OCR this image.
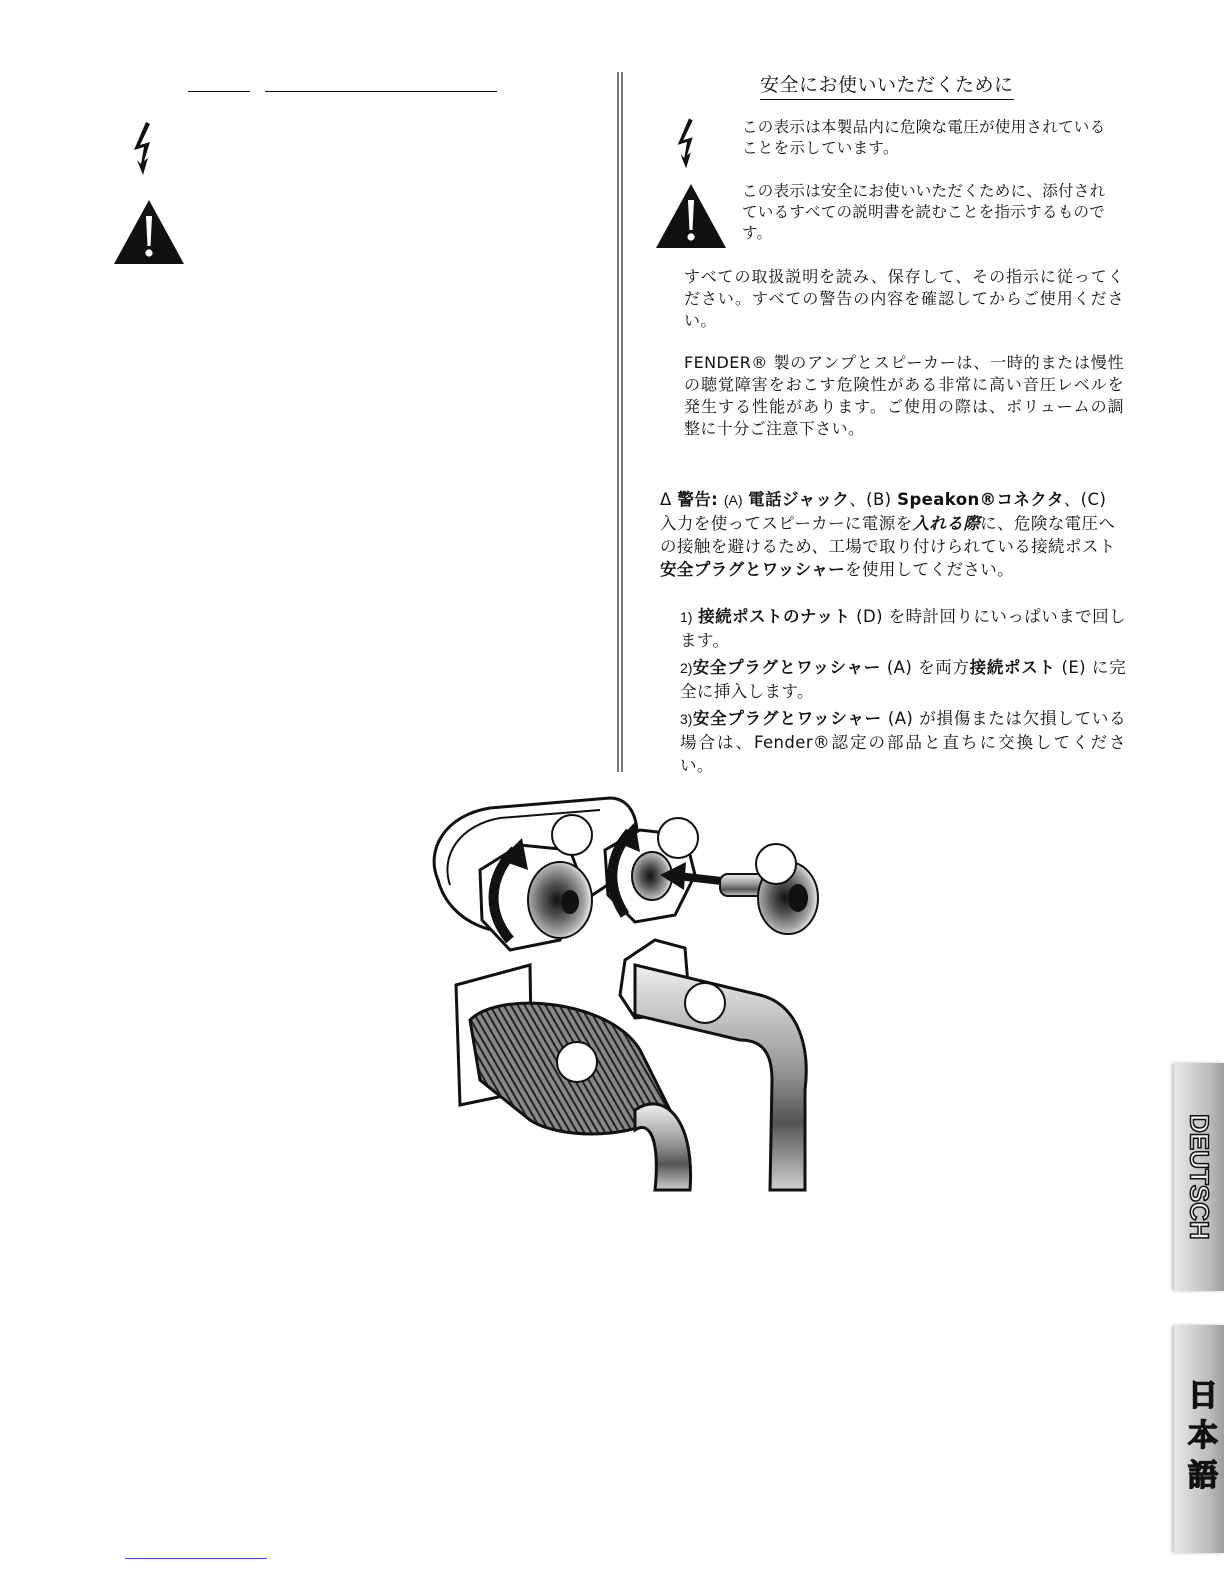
安全にお使いいただくために
この表示は本製品内に危険な電圧が使用されていることを示しています。
この表示は安全にお使いいただくために、添付されているすべての説明書を読むことを指示するものです。
すべての取扱説明を読み、保存して、その指示に従ってください。すべての警告の内容を確認してからご使用ください。
FENDER® 製のアンプとスピーカーは、一時的または慢性の聴覚障害をおこす危険性がある非常に高い音圧レベルを発生する性能があります。ご使用の際は、ボリュームの調整に十分ご注意下さい。
Δ 警告: (A) 電話ジャック、(B) Speakon®コネクタ、(C) 入力を使ってスピーカーに電源を入れる際に、危険な電圧への接触を避けるため、工場で取り付けられている接続ポスト安全プラグとワッシャーを使用してください。
1) 接続ポストのナット (D) を時計回りにいっぱいまで回します。
2)安全プラグとワッシャー (A) を両方接続ポスト (E) に完全に挿入します。
3)安全プラグとワッシャー (A) が損傷または欠損している場合は、Fender®認定の部品と直ちに交換してください。
DEUTSCH
日本語
